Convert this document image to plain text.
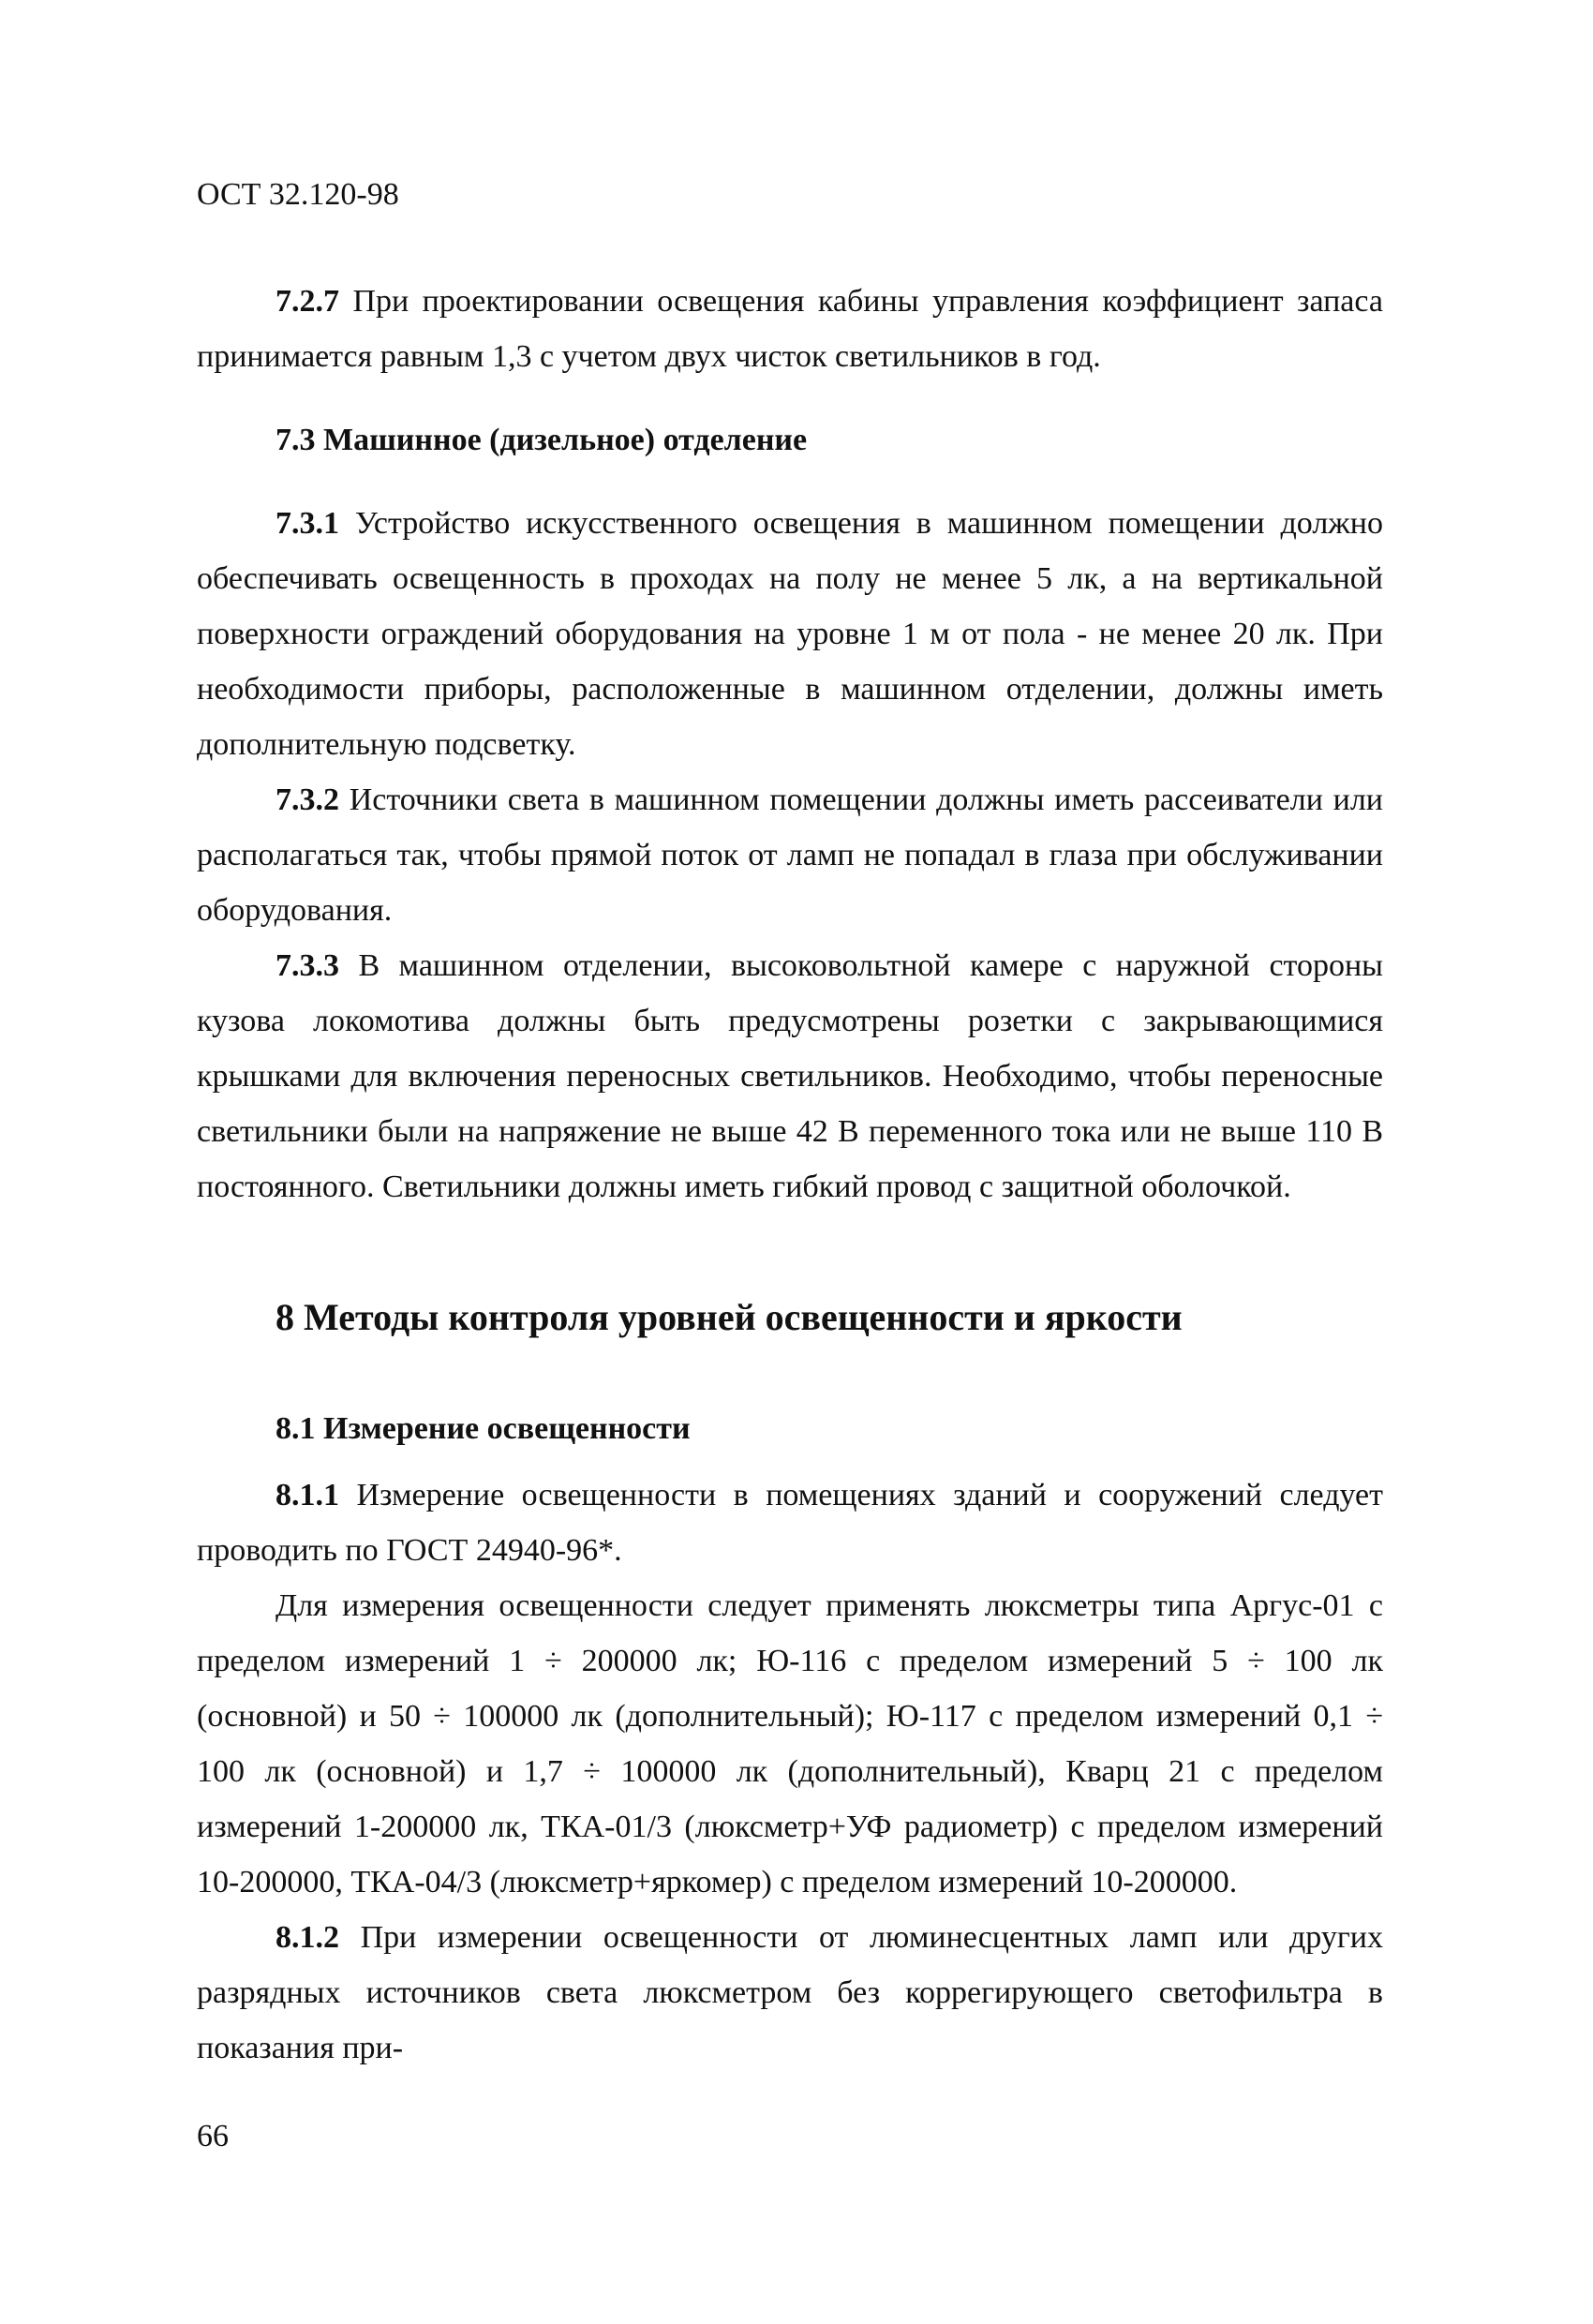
ОСТ 32.120-98

7.2.7 При проектировании освещения кабины управления коэффициент запаса принимается равным 1,3 с учетом двух чисток светильников в год.

7.3 Машинное (дизельное) отделение

7.3.1 Устройство искусственного освещения в машинном помещении должно обеспечивать освещенность в проходах на полу не менее 5 лк, а на вертикальной поверхности ограждений оборудования на уровне 1 м от пола - не менее 20 лк. При необходимости приборы, расположенные в машинном отделении, должны иметь дополнительную подсветку.

7.3.2 Источники света в машинном помещении должны иметь рассеиватели или располагаться так, чтобы прямой поток от ламп не попадал в глаза при обслуживании оборудования.

7.3.3 В машинном отделении, высоковольтной камере с наружной стороны кузова локомотива должны быть предусмотрены розетки с закрывающимися крышками для включения переносных светильников. Необходимо, чтобы переносные светильники были на напряжение не выше 42 В переменного тока или не выше 110 В постоянного. Светильники должны иметь гибкий провод с защитной оболочкой.

8 Методы контроля уровней освещенности и яркости

8.1 Измерение освещенности

8.1.1 Измерение освещенности в помещениях зданий и сооружений следует проводить по ГОСТ 24940-96*.

Для измерения освещенности следует применять люксметры типа Аргус-01 с пределом измерений 1 ÷ 200000 лк; Ю-116 с пределом измерений 5 ÷ 100 лк (основной) и 50 ÷ 100000 лк (дополнительный); Ю-117 с пределом измерений 0,1 ÷ 100 лк (основной) и 1,7 ÷ 100000 лк (дополнительный), Кварц 21 с пределом измерений 1-200000 лк, ТКА-01/3 (люксметр+УФ радиометр) с пределом измерений 10-200000, ТКА-04/3 (люксметр+яркомер) с пределом измерений 10-200000.

8.1.2 При измерении освещенности от люминесцентных ламп или других разрядных источников света люксметром без коррегирующего светофильтра в показания при-

66
